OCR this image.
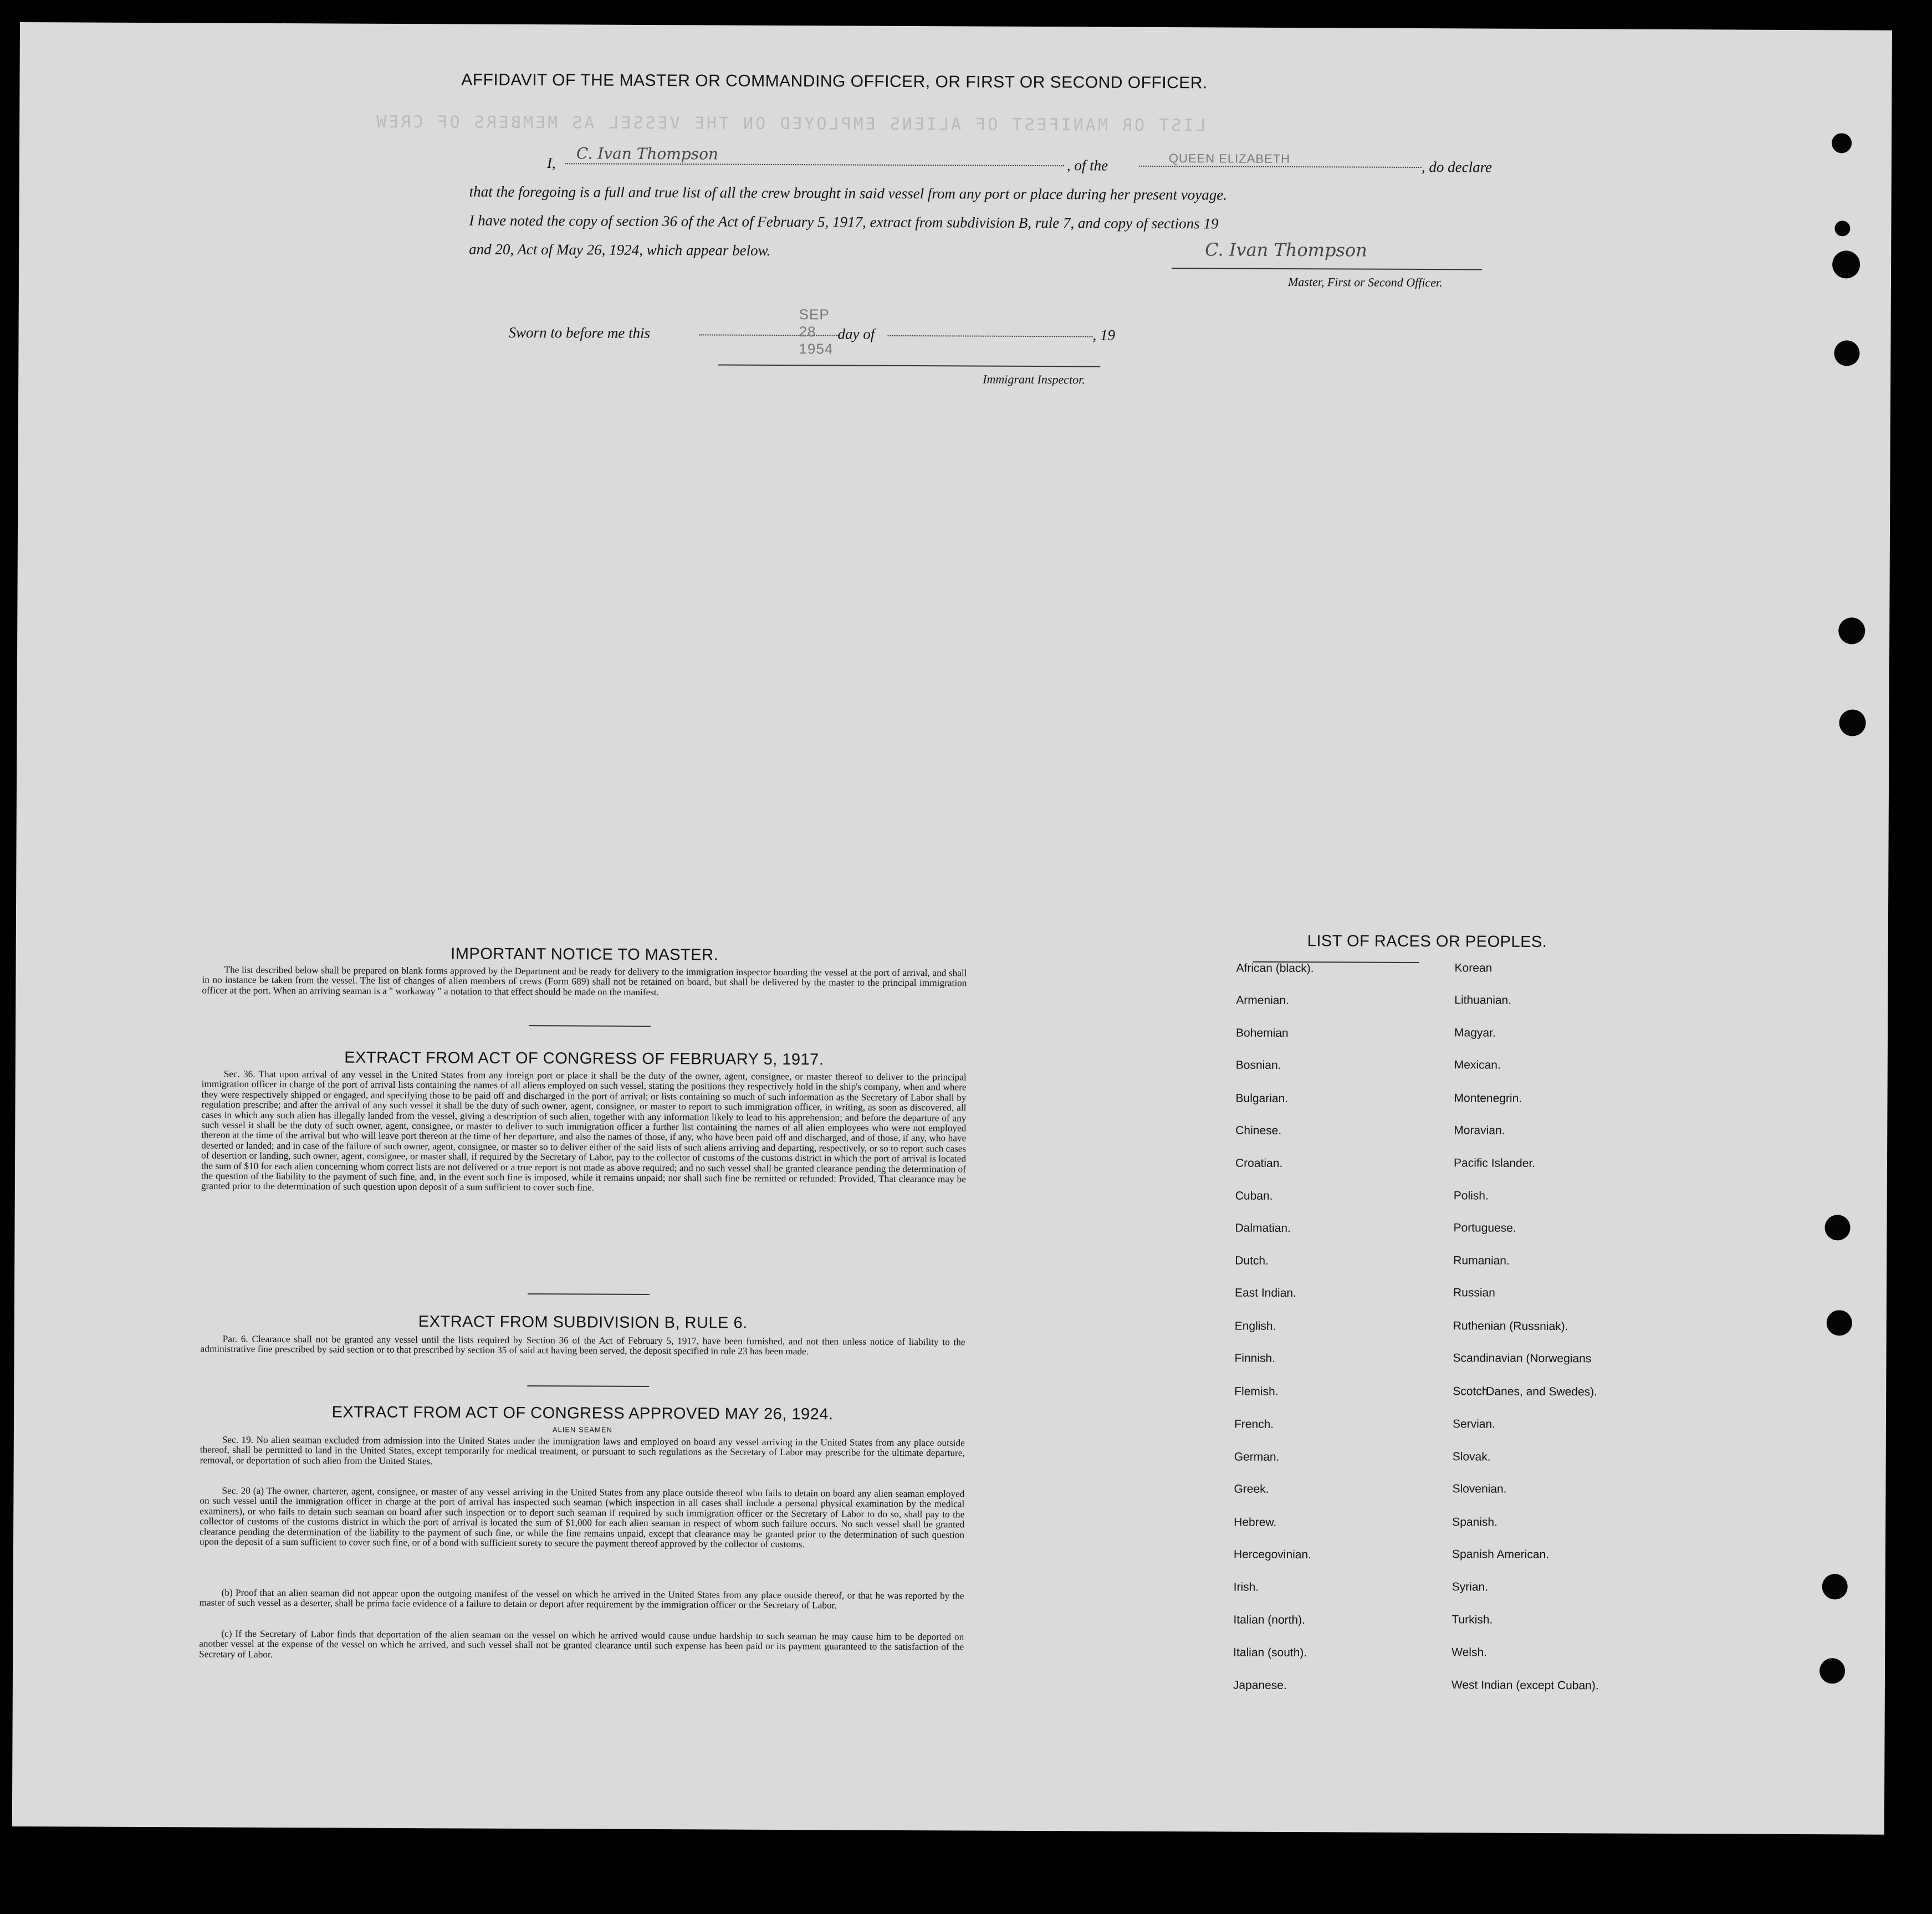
LIST OR MANIFEST OF ALIENS EMPLOYED ON THE VESSEL AS MEMBERS OF CREW
AFFIDAVIT OF THE MASTER OR COMMANDING OFFICER, OR FIRST OR SECOND OFFICER.
I, C. Ivan Thompson
, of the	QUEEN ELIZABETH
, do declare
that the foregoing is a full and true list of all the crew brought in said vessel from any port or place during her present voyage.
I have noted the copy of section 36 of the Act of February 5, 1917, extract from subdivision B, rule 7, and copy of sections 19
and 20, Act of May 26, 1924, which appear below.	C. Ivan Thompson
Master, First or Second Officer.
Sworn to before me this
SEP 28 1954
day of	, 19
Immigrant Inspector.
IMPORTANT NOTICE TO MASTER.
The list described below shall be prepared on blank forms approved by the Department and be ready for delivery to the immigration inspector boarding the vessel at the port of arrival, and shall in no instance be taken from the vessel. The list of changes of alien members of crews (Form 689) shall not be retained on board, but shall be delivered by the master to the principal immigration officer at the port. When an arriving seaman is a " workaway " a notation to that effect should be made on the manifest.
EXTRACT FROM ACT OF CONGRESS OF FEBRUARY 5, 1917.
Sec. 36. That upon arrival of any vessel in the United States from any foreign port or place it shall be the duty of the owner, agent, consignee, or master thereof to deliver to the principal immigration officer in charge of the port of arrival lists containing the names of all aliens employed on such vessel, stating the positions they respectively hold in the ship's company, when and where they were respectively shipped or engaged, and specifying those to be paid off and discharged in the port of arrival; or lists containing so much of such information as the Secretary of Labor shall by regulation prescribe; and after the arrival of any such vessel it shall be the duty of such owner, agent, consignee, or master to report to such immigration officer, in writing, as soon as discovered, all cases in which any such alien has illegally landed from the vessel, giving a description of such alien, together with any information likely to lead to his apprehension; and before the departure of any such vessel it shall be the duty of such owner, agent, consignee, or master to deliver to such immigration officer a further list containing the names of all alien employees who were not employed thereon at the time of the arrival but who will leave port thereon at the time of her departure, and also the names of those, if any, who have been paid off and discharged, and of those, if any, who have deserted or landed; and in case of the failure of such owner, agent, consignee, or master so to deliver either of the said lists of such aliens arriving and departing, respectively, or so to report such cases of desertion or landing, such owner, agent, consignee, or master shall, if required by the Secretary of Labor, pay to the collector of customs of the customs district in which the port of arrival is located the sum of $10 for each alien concerning whom correct lists are not delivered or a true report is not made as above required; and no such vessel shall be granted clearance pending the determination of the question of the liability to the payment of such fine, and, in the event such fine is imposed, while it remains unpaid; nor shall such fine be remitted or refunded: Provided, That clearance may be granted prior to the determination of such question upon deposit of a sum sufficient to cover such fine.
EXTRACT FROM SUBDIVISION B, RULE 6.
Par. 6. Clearance shall not be granted any vessel until the lists required by Section 36 of the Act of February 5, 1917, have been furnished, and not then unless notice of liability to the administrative fine prescribed by said section or to that prescribed by section 35 of said act having been served, the deposit specified in rule 23 has been made.
EXTRACT FROM ACT OF CONGRESS APPROVED MAY 26, 1924.
ALIEN SEAMEN
Sec. 19. No alien seaman excluded from admission into the United States under the immigration laws and employed on board any vessel arriving in the United States from any place outside thereof, shall be permitted to land in the United States, except temporarily for medical treatment, or pursuant to such regulations as the Secretary of Labor may prescribe for the ultimate departure, removal, or deportation of such alien from the United States.
Sec. 20 (a) The owner, charterer, agent, consignee, or master of any vessel arriving in the United States from any place outside thereof who fails to detain on board any alien seaman employed on such vessel until the immigration officer in charge at the port of arrival has inspected such seaman (which inspection in all cases shall include a personal physical examination by the medical examiners), or who fails to detain such seaman on board after such inspection or to deport such seaman if required by such immigration officer or the Secretary of Labor to do so, shall pay to the collector of customs of the customs district in which the port of arrival is located the sum of $1,000 for each alien seaman in respect of whom such failure occurs. No such vessel shall be granted clearance pending the determination of the liability to the payment of such fine, or while the fine remains unpaid, except that clearance may be granted prior to the determination of such question upon the deposit of a sum sufficient to cover such fine, or of a bond with sufficient surety to secure the payment thereof approved by the collector of customs.
(b) Proof that an alien seaman did not appear upon the outgoing manifest of the vessel on which he arrived in the United States from any place outside thereof, or that he was reported by the master of such vessel as a deserter, shall be prima facie evidence of a failure to detain or deport after requirement by the immigration officer or the Secretary of Labor.
(c) If the Secretary of Labor finds that deportation of the alien seaman on the vessel on which he arrived would cause undue hardship to such seaman he may cause him to be deported on another vessel at the expense of the vessel on which he arrived, and such vessel shall not be granted clearance until such expense has been paid or its payment guaranteed to the satisfaction of the Secretary of Labor.
LIST OF RACES OR PEOPLES.
African (black).
Armenian.
Bohemian
Bosnian.
Bulgarian.
Chinese.
Croatian.
Cuban.
Dalmatian.
Dutch.
East Indian.
English.
Finnish.
Flemish.
French.
German.
Greek.
Hebrew.
Hercegovinian.
Irish.
Italian (north).
Italian (south).
Japanese.
Korean
Lithuanian.
Magyar.
Mexican.
Montenegrin.
Moravian.
Pacific Islander.
Polish.
Portuguese.
Rumanian.
Russian
Ruthenian (Russniak).
Scandinavian (Norwegians
Scotch.
Servian.
Slovak.
Slovenian.
Spanish.
Spanish American.
Syrian.
Turkish.
Welsh.
West Indian (except Cuban).
Danes, and Swedes).
